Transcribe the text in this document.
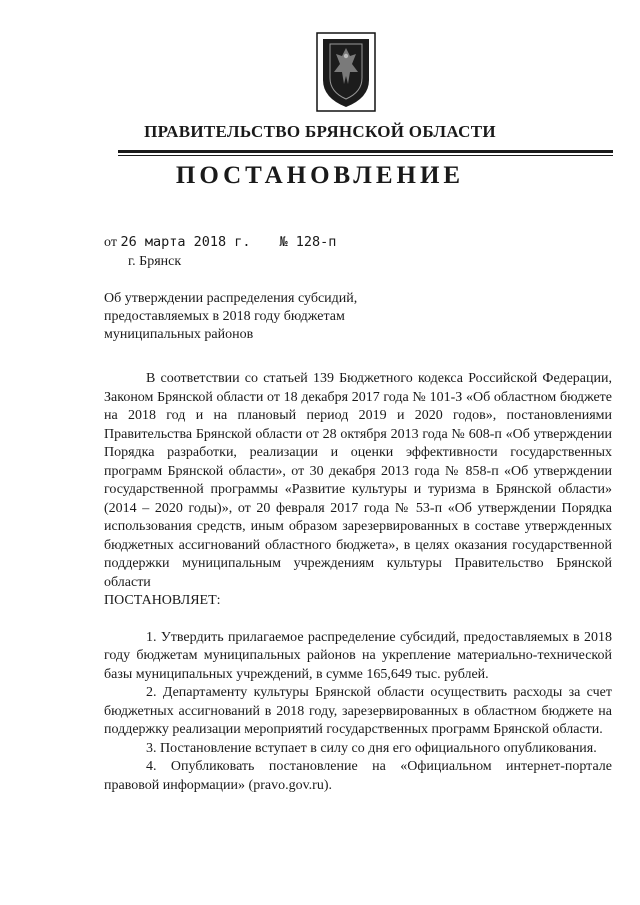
ПРАВИТЕЛЬСТВО БРЯНСКОЙ ОБЛАСТИ
ПОСТАНОВЛЕНИЕ
от 26 марта 2018 г. № 128-п
г. Брянск
Об утверждении распределения субсидий, предоставляемых в 2018 году бюджетам муниципальных районов

В соответствии со статьей 139 Бюджетного кодекса Российской Федерации, Законом Брянской области от 18 декабря 2017 года № 101-З «Об областном бюджете на 2018 год и на плановый период 2019 и 2020 годов», постановлениями Правительства Брянской области от 28 октября 2013 года № 608-п «Об утверждении Порядка разработки, реализации и оценки эффективности государственных программ Брянской области», от 30 декабря 2013 года № 858-п «Об утверждении государственной программы «Развитие культуры и туризма в Брянской области» (2014 – 2020 годы)», от 20 февраля 2017 года № 53-п «Об утверждении Порядка использования средств, иным образом зарезервированных в составе утвержденных бюджетных ассигнований областного бюджета», в целях оказания государственной поддержки муниципальным учреждениям культуры Правительство Брянской области

ПОСТАНОВЛЯЕТ:

1. Утвердить прилагаемое распределение субсидий, предоставляемых в 2018 году бюджетам муниципальных районов на укрепление материально-технической базы муниципальных учреждений, в сумме 165,649 тыс. рублей.

2. Департаменту культуры Брянской области осуществить расходы за счет бюджетных ассигнований в 2018 году, зарезервированных в областном бюджете на поддержку реализации мероприятий государственных программ Брянской области.

3. Постановление вступает в силу со дня его официального опубликования.

4. Опубликовать постановление на «Официальном интернет-портале правовой информации» (pravo.gov.ru).
